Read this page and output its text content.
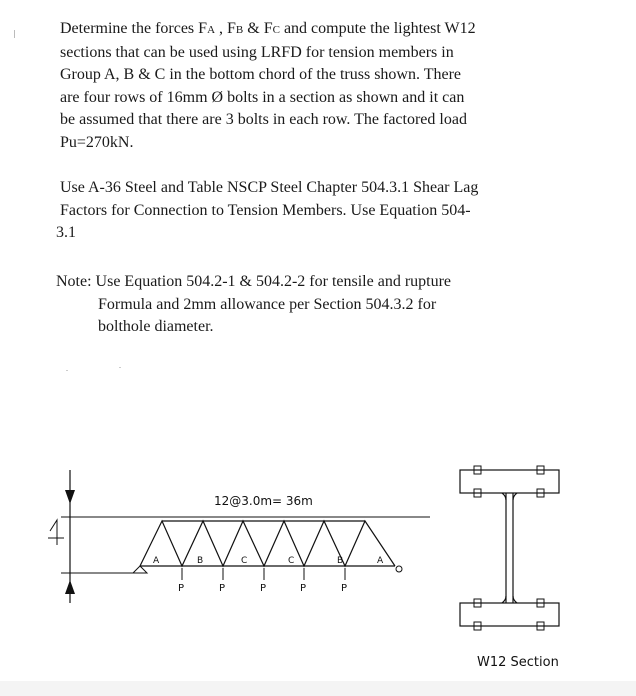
Determine the forces FA , FB & FC and compute the lightest W12
sections that can be used using LRFD for tension members in
Group A, B & C in the bottom chord of the truss shown. There
are four rows of 16mm Ø bolts in a section as shown and it can
be assumed that there are 3 bolts in each row. The factored load
Pu=270kN.
Use A-36 Steel and Table NSCP Steel Chapter 504.3.1 Shear Lag
Factors for Connection to Tension Members. Use Equation 504-
3.1
Note: Use Equation 504.2-1 & 504.2-2 for tensile and rupture
Formula and 2mm allowance per Section 504.3.2 for
bolthole diameter.
12@3.0m= 36m
A	B	C	C	B	A
P	P	P	P	P
W12 Section
